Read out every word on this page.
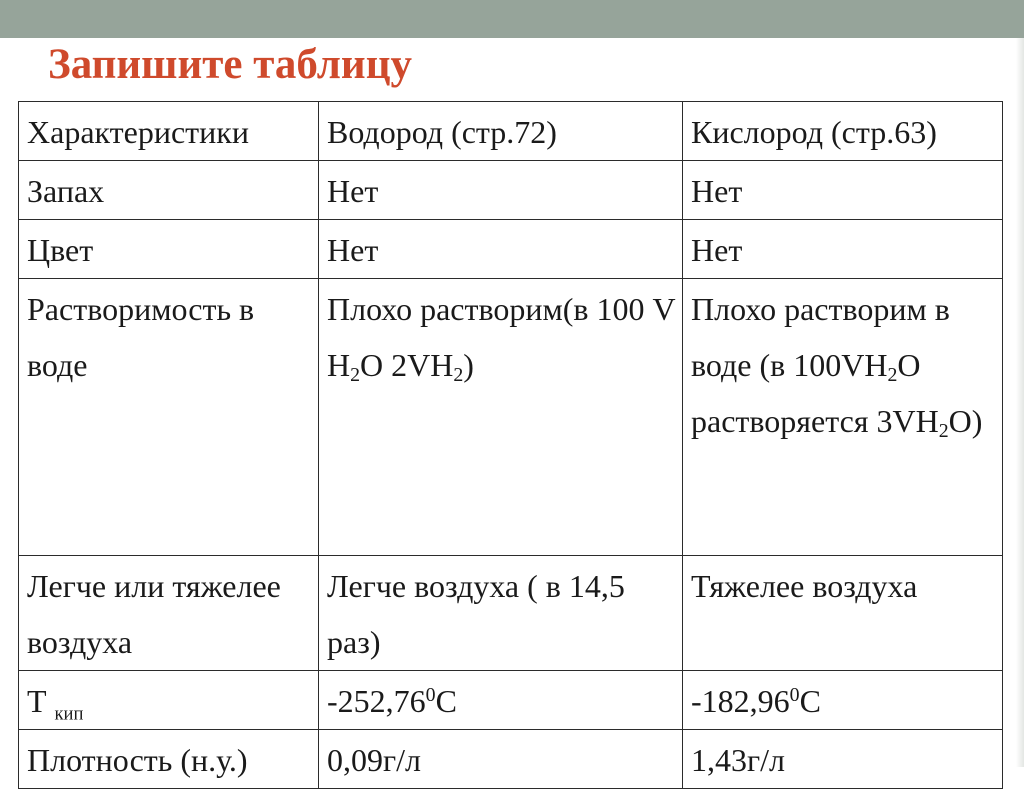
Запишите таблицу
Характеристики	Водород (стр.72)	Кислород (стр.63)
Запах	Нет	Нет
Цвет	Нет	Нет
Растворимость в воде	Плохо растворим(в 100 V $H_2O$ $2VH_2$)	Плохо растворим в воде (в $100VH_2O$ растворяется $3VH_2O$)
Легче или тяжелее воздуха	Легче воздуха ( в 14,5 раз)	Тяжелее воздуха
Т $_{кип}$	-252,76$^0$С	-182,96$^0$С
Плотность (н.у.)	0,09г/л	1,43г/л
